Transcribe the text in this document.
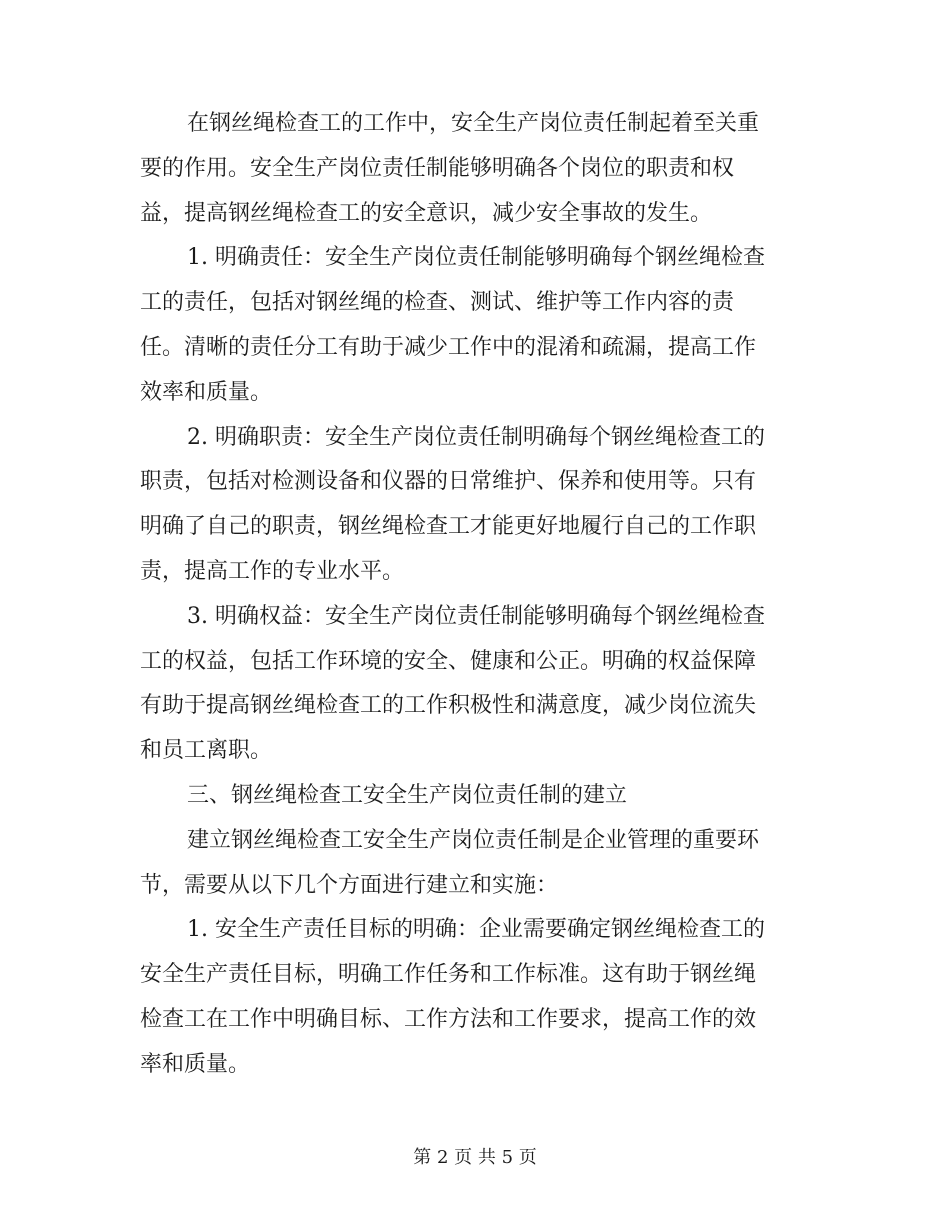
在钢丝绳检查工的工作中，安全生产岗位责任制起着至关重
要的作用。安全生产岗位责任制能够明确各个岗位的职责和权
益，提高钢丝绳检查工的安全意识，减少安全事故的发生。
1. 明确责任：安全生产岗位责任制能够明确每个钢丝绳检查
工的责任，包括对钢丝绳的检查、测试、维护等工作内容的责
任。清晰的责任分工有助于减少工作中的混淆和疏漏，提高工作
效率和质量。
2. 明确职责：安全生产岗位责任制明确每个钢丝绳检查工的
职责，包括对检测设备和仪器的日常维护、保养和使用等。只有
明确了自己的职责，钢丝绳检查工才能更好地履行自己的工作职
责，提高工作的专业水平。
3. 明确权益：安全生产岗位责任制能够明确每个钢丝绳检查
工的权益，包括工作环境的安全、健康和公正。明确的权益保障
有助于提高钢丝绳检查工的工作积极性和满意度，减少岗位流失
和员工离职。
三、钢丝绳检查工安全生产岗位责任制的建立
建立钢丝绳检查工安全生产岗位责任制是企业管理的重要环
节，需要从以下几个方面进行建立和实施：
1. 安全生产责任目标的明确：企业需要确定钢丝绳检查工的
安全生产责任目标，明确工作任务和工作标准。这有助于钢丝绳
检查工在工作中明确目标、工作方法和工作要求，提高工作的效
率和质量。
第 2 页 共 5 页
